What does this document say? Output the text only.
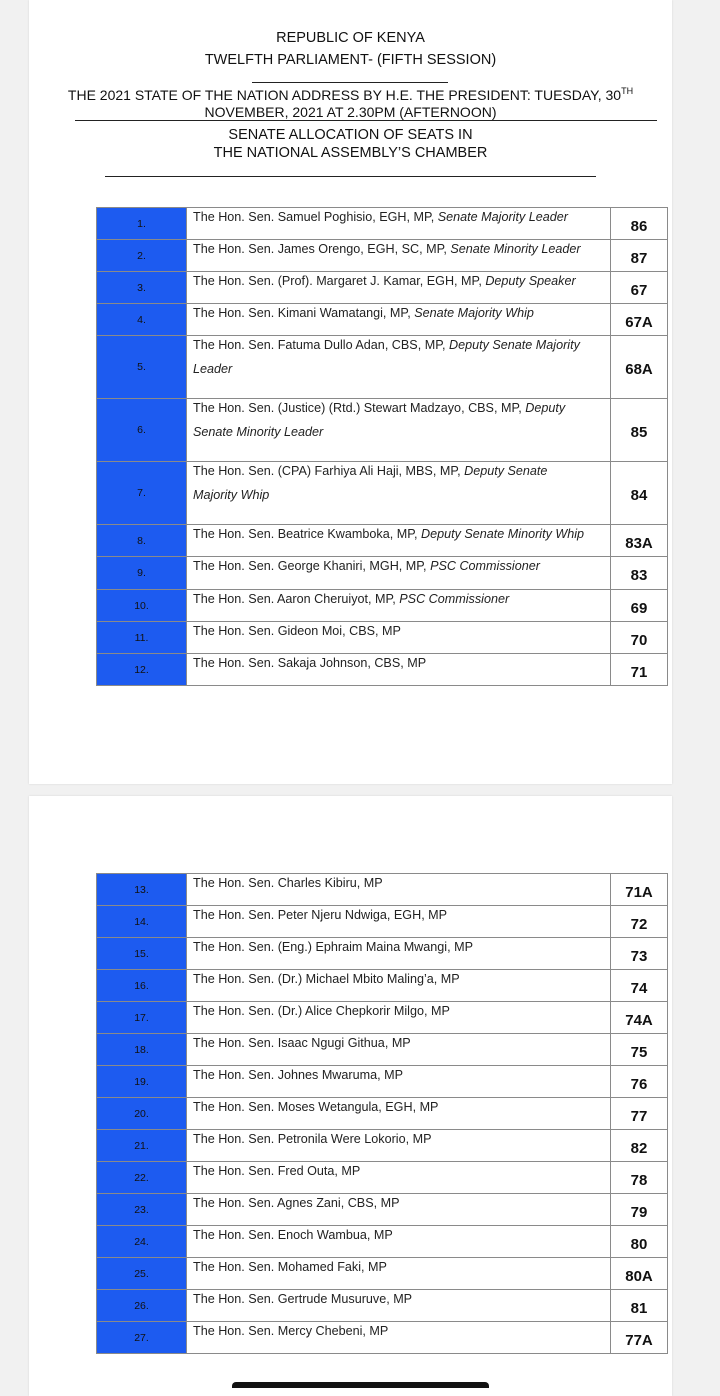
REPUBLIC OF KENYA
TWELFTH PARLIAMENT- (FIFTH SESSION)
THE 2021 STATE OF THE NATION ADDRESS BY H.E. THE PRESIDENT: TUESDAY, 30TH
NOVEMBER, 2021 AT 2.30PM (AFTERNOON)
SENATE ALLOCATION OF SEATS IN
THE NATIONAL ASSEMBLY’S CHAMBER
1.	The Hon. Sen. Samuel Poghisio, EGH, MP, Senate Majority Leader	86
2.	The Hon. Sen. James Orengo, EGH, SC, MP, Senate Minority Leader	87
3.	The Hon. Sen. (Prof). Margaret J. Kamar, EGH, MP, Deputy Speaker	67
4.	The Hon. Sen. Kimani Wamatangi, MP, Senate Majority Whip	67A
5.	The Hon. Sen. Fatuma Dullo Adan, CBS, MP, Deputy Senate Majority
Leader	68A
6.	The Hon. Sen. (Justice) (Rtd.) Stewart Madzayo, CBS, MP, Deputy
Senate Minority Leader	85
7.	The Hon. Sen. (CPA) Farhiya Ali Haji, MBS, MP, Deputy Senate
Majority Whip	84
8.	The Hon. Sen. Beatrice Kwamboka, MP, Deputy Senate Minority Whip	83A
9.	The Hon. Sen. George Khaniri, MGH, MP, PSC Commissioner	83
10.	The Hon. Sen. Aaron Cheruiyot, MP, PSC Commissioner	69
11.	The Hon. Sen. Gideon Moi, CBS, MP	70
12.	The Hon. Sen. Sakaja Johnson, CBS, MP	71
13.	The Hon. Sen. Charles Kibiru, MP	71A
14.	The Hon. Sen. Peter Njeru Ndwiga, EGH, MP	72
15.	The Hon. Sen. (Eng.) Ephraim Maina Mwangi, MP	73
16.	The Hon. Sen. (Dr.) Michael Mbito Maling’a, MP	74
17.	The Hon. Sen. (Dr.) Alice Chepkorir Milgo, MP	74A
18.	The Hon. Sen. Isaac Ngugi Githua, MP	75
19.	The Hon. Sen. Johnes Mwaruma, MP	76
20.	The Hon. Sen. Moses Wetangula, EGH, MP	77
21.	The Hon. Sen. Petronila Were Lokorio, MP	82
22.	The Hon. Sen. Fred Outa, MP	78
23.	The Hon. Sen. Agnes Zani, CBS, MP	79
24.	The Hon. Sen. Enoch Wambua, MP	80
25.	The Hon. Sen. Mohamed Faki, MP	80A
26.	The Hon. Sen. Gertrude Musuruve, MP	81
27.	The Hon. Sen. Mercy Chebeni, MP	77A
